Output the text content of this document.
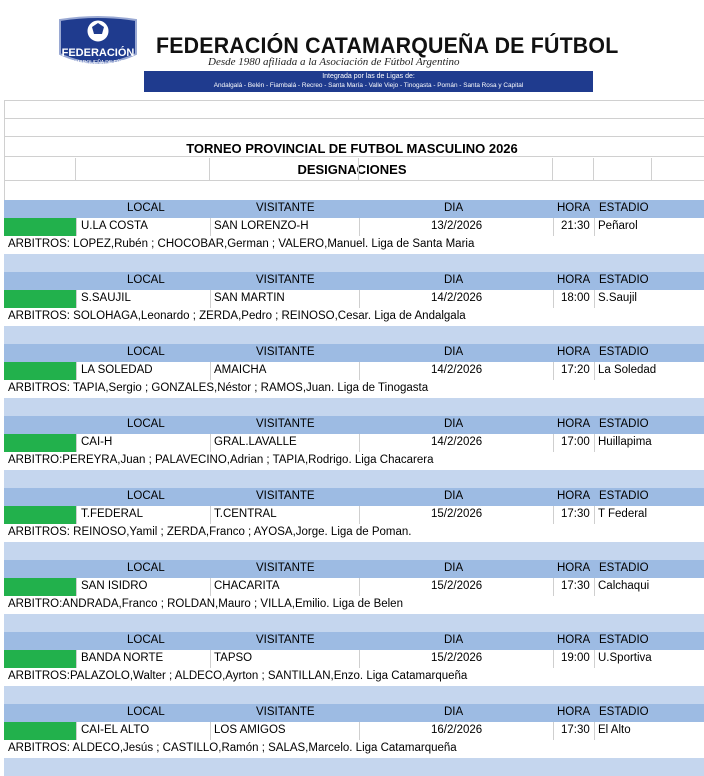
FEDERACIÓN
CATAMARQUEÑA DE FÚTBOL
FEDERACIÓN CATAMARQUEÑA DE FÚTBOL
Desde 1980 afiliada a la Asociación de Fútbol Argentino
Integrada por las de Ligas de:
Andalgalá - Belén - Fiambalá - Recreo - Santa María - Valle Viejo - Tinogasta - Pomán - Santa Rosa y Capital
TORNEO PROVINCIAL DE FUTBOL MASCULINO 2026
DESIGNACIONES
LOCAL	VISITANTE	DIA	HORA ESTADIO
U.LA COSTA	SAN LORENZO-H	13/2/2026	21:30 Peñarol
ARBITROS: LOPEZ,Rubén ; CHOCOBAR,German ; VALERO,Manuel. Liga de Santa Maria
LOCAL	VISITANTE	DIA	HORA ESTADIO
S.SAUJIL	SAN MARTIN	14/2/2026	18:00 S.Saujil
ARBITROS: SOLOHAGA,Leonardo ; ZERDA,Pedro ; REINOSO,Cesar. Liga de Andalgala
LOCAL	VISITANTE	DIA	HORA ESTADIO
LA SOLEDAD	AMAICHA	14/2/2026	17:20 La Soledad
ARBITROS: TAPIA,Sergio ; GONZALES,Néstor ; RAMOS,Juan. Liga de Tinogasta
LOCAL	VISITANTE	DIA	HORA ESTADIO
CAI-H	GRAL.LAVALLE	14/2/2026	17:00 Huillapima
ARBITRO:PEREYRA,Juan ; PALAVECINO,Adrian ; TAPIA,Rodrigo. Liga Chacarera
LOCAL	VISITANTE	DIA	HORA ESTADIO
T.FEDERAL	T.CENTRAL	15/2/2026	17:30 T Federal
ARBITROS: REINOSO,Yamil ; ZERDA,Franco ; AYOSA,Jorge. Liga de Poman.
LOCAL	VISITANTE	DIA	HORA ESTADIO
SAN ISIDRO	CHACARITA	15/2/2026	17:30 Calchaqui
ARBITRO:ANDRADA,Franco ; ROLDAN,Mauro ; VILLA,Emilio. Liga de Belen
LOCAL	VISITANTE	DIA	HORA ESTADIO
BANDA NORTE	TAPSO	15/2/2026	19:00 U.Sportiva
ARBITROS:PALAZOLO,Walter ; ALDECO,Ayrton ; SANTILLAN,Enzo. Liga Catamarqueña
LOCAL	VISITANTE	DIA	HORA ESTADIO
CAI-EL ALTO	LOS AMIGOS	16/2/2026	17:30 El Alto
ARBITROS: ALDECO,Jesús ; CASTILLO,Ramón ; SALAS,Marcelo. Liga Catamarqueña
